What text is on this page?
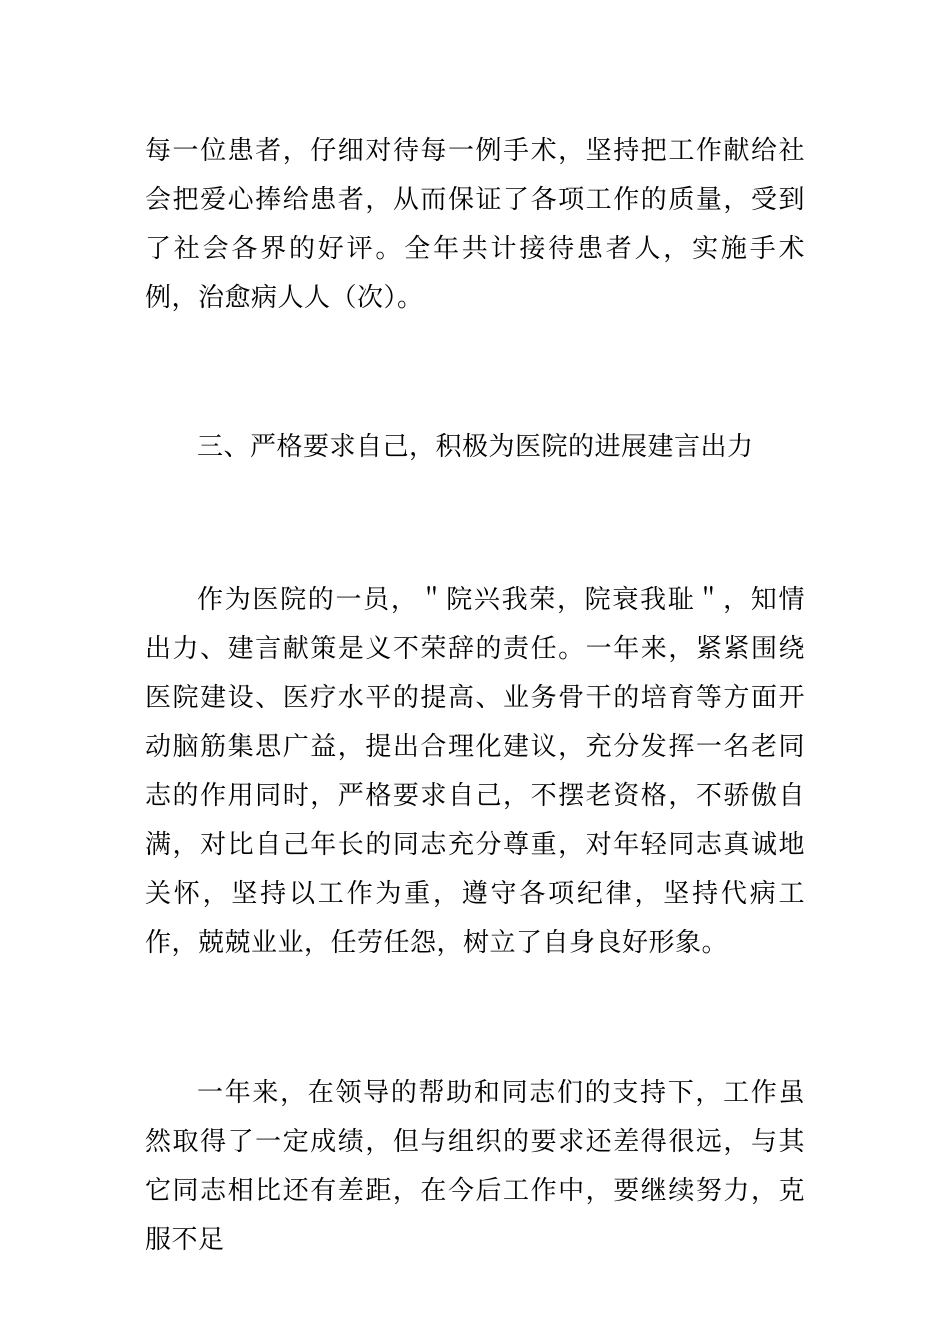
每一位患者，仔细对待每一例手术，坚持把工作献给社会把爱心捧给患者，从而保证了各项工作的质量，受到了社会各界的好评。全年共计接待患者人，实施手术例，治愈病人人（次）。

三、严格要求自己，积极为医院的进展建言出力

作为医院的一员，＂院兴我荣，院衰我耻＂，知情出力、建言献策是义不荣辞的责任。一年来，紧紧围绕医院建设、医疗水平的提高、业务骨干的培育等方面开动脑筋集思广益，提出合理化建议，充分发挥一名老同志的作用同时，严格要求自己，不摆老资格，不骄傲自满，对比自己年长的同志充分尊重，对年轻同志真诚地关怀，坚持以工作为重，遵守各项纪律，坚持代病工作，兢兢业业，任劳任怨，树立了自身良好形象。

一年来，在领导的帮助和同志们的支持下，工作虽然取得了一定成绩，但与组织的要求还差得很远，与其它同志相比还有差距，在今后工作中，要继续努力，克服不足
